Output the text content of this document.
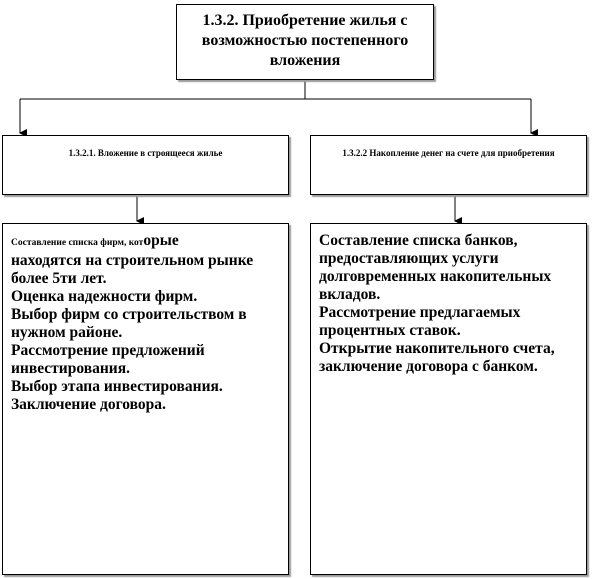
1.3.2. Приобретение жилья с возможностью постепенного вложения
1.3.2.1. Вложение в строящееся жилье	1.3.2.2 Накопление денег на счете для приобретения

Составление списка фирм, которые
находятся на строительном рынке более 5ти лет.
Оценка надежности фирм.
Выбор фирм со строительством в нужном районе.
Рассмотрение предложений инвестирования.
Выбор этапа инвестирования.
Заключение договора.

Составление списка банков, предоставляющих услуги долговременных накопительных вкладов.
Рассмотрение предлагаемых процентных ставок.
Открытие накопительного счета, заключение договора с банком.
